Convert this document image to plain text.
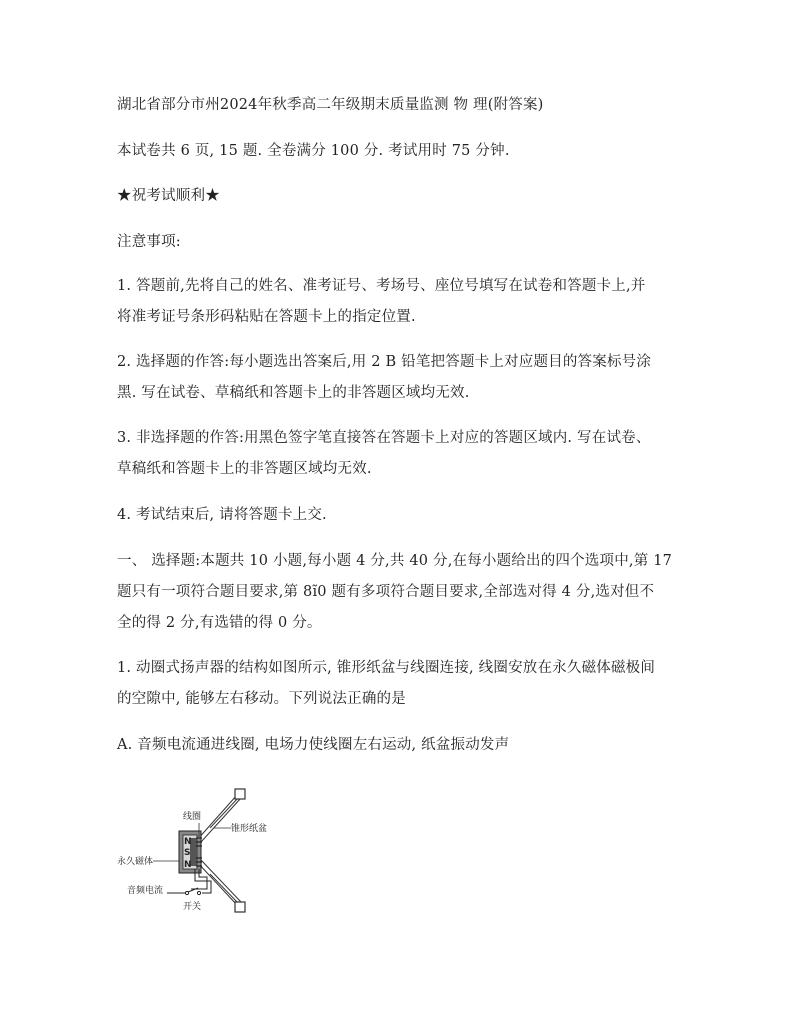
湖北省部分市州2024年秋季高二年级期末质量监测 物 理(附答案)
本试卷共 6 页, 15 题. 全卷满分 100 分. 考试用时 75 分钟.
★祝考试顺利★
注意事项:
1. 答题前,先将自己的姓名、准考证号、考场号、座位号填写在试卷和答题卡上,并
将准考证号条形码粘贴在答题卡上的指定位置.
2. 选择题的作答:每小题选出答案后,用 2 B 铅笔把答题卡上对应题目的答案标号涂
黑. 写在试卷、草稿纸和答题卡上的非答题区域均无效.
3. 非选择题的作答:用黑色签字笔直接答在答题卡上对应的答题区域内. 写在试卷、
草稿纸和答题卡上的非答题区域均无效.
4. 考试结束后, 请将答题卡上交.
一、 选择题:本题共 10 小题,每小题 4 分,共 40 分,在每小题给出的四个选项中,第 17
题只有一项符合题目要求,第 8ĩ0 题有多项符合题目要求,全部选对得 4 分,选对但不
全的得 2 分,有选错的得 0 分。
1. 动圈式扬声器的结构如图所示, 锥形纸盆与线圈连接, 线圈安放在永久磁体磁极间
的空隙中, 能够左右移动。下列说法正确的是
A. 音频电流通进线圈, 电场力使线圈左右运动, 纸盆振动发声
N
S
N
线圈
锥形纸盆
永久磁体
音频电流
开关
